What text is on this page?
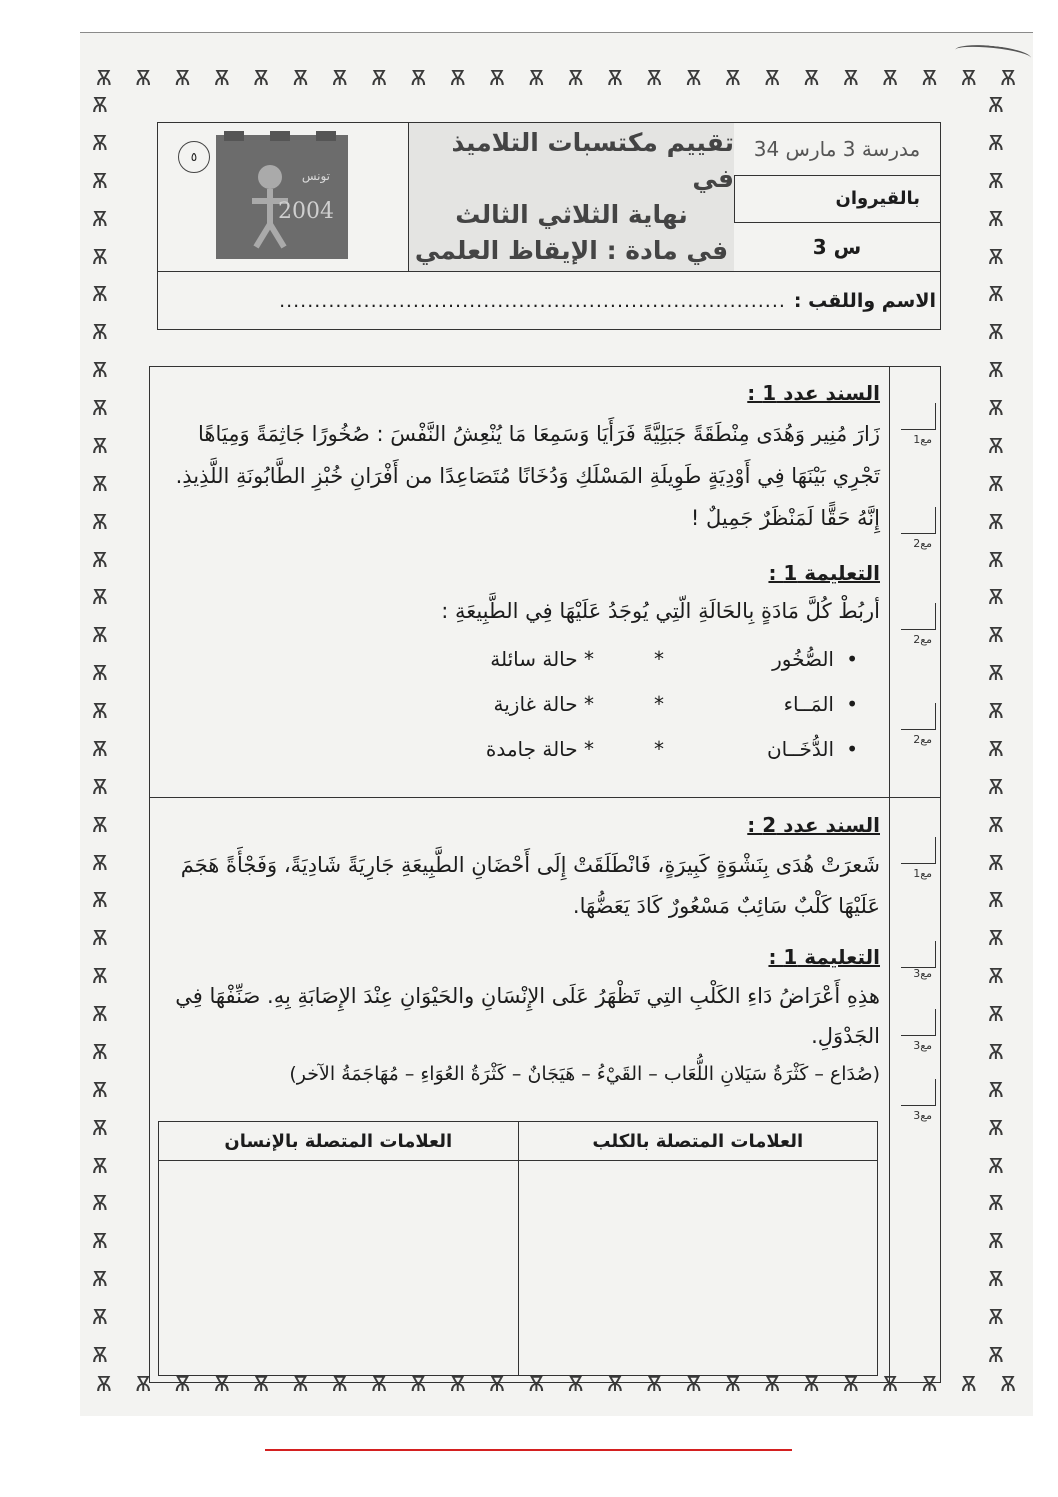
Ѫ Ѫ Ѫ Ѫ Ѫ Ѫ Ѫ Ѫ Ѫ Ѫ Ѫ Ѫ Ѫ Ѫ Ѫ Ѫ Ѫ Ѫ Ѫ Ѫ Ѫ Ѫ Ѫ Ѫ
Ѫ Ѫ Ѫ Ѫ Ѫ Ѫ Ѫ Ѫ Ѫ Ѫ Ѫ Ѫ Ѫ Ѫ Ѫ Ѫ Ѫ Ѫ Ѫ Ѫ Ѫ Ѫ Ѫ Ѫ
Ѫ
Ѫ
Ѫ
Ѫ
Ѫ
Ѫ
Ѫ
Ѫ
Ѫ
Ѫ
Ѫ
Ѫ
Ѫ
Ѫ
Ѫ
Ѫ
Ѫ
Ѫ
Ѫ
Ѫ
Ѫ
Ѫ
Ѫ
Ѫ
Ѫ
Ѫ
Ѫ
Ѫ
Ѫ
Ѫ
Ѫ
Ѫ
Ѫ
Ѫ
Ѫ
Ѫ
Ѫ
Ѫ
Ѫ
Ѫ
Ѫ
Ѫ
Ѫ
Ѫ
Ѫ
Ѫ
Ѫ
Ѫ
Ѫ
Ѫ
Ѫ
Ѫ
Ѫ
Ѫ
Ѫ
Ѫ
Ѫ
Ѫ
Ѫ
Ѫ
Ѫ
Ѫ
Ѫ
Ѫ
Ѫ
Ѫ
Ѫ
Ѫ
مدرسة 3 مارس 34
بالقيروان
س 3
تقييم مكتسبات التلاميذ في
نهاية الثلاثي الثالث
في مادة : الإيقاظ العلمي
٥
تونس
2004
الاسم واللقب :
........................................................................
السند عدد 1 :
زَارَ مُنِير وَهُدَى مِنْطَقَةً جَبَلِيَّةً فَرَأَيَا وَسَمِعَا مَا يُنْعِشُ النَّفْسَ : صُخُورًا جَاثِمَةً وَمِيَاهًا تَجْرِي بَيْنَهَا فِي أَوْدِيَةٍ طَوِيلَةِ المَسْلَكِ وَدُخَانًا مُتَصَاعِدًا من أَفْرَانِ خُبْزِ الطَّابُونَةِ اللَّذِيذِ. إِنَّهُ حَقًّا لَمَنْظَرٌ جَمِيلٌ !
التعليمة 1 :
أربُطْ كُلَّ مَادَةٍ بِالحَالَةِ الّتِي يُوجَدُ عَلَيْهَا فِي الطَّبِيعَةِ :
•
الصُّخُور
*
* حالة سائلة
•
المَــاء
*
* حالة غازية
•
الدُّخَــان
*
* حالة جامدة
السند عدد 2 :
شَعرَتْ هُدَى بِنَشْوَةٍ كَبِيرَةٍ، فَانْطَلَقَتْ إِلَى أَحْضَانِ الطَّبِيعَةِ جَارِيَةً شَادِيَةً، وَفَجْأَةً هَجَمَ عَلَيْهَا كَلْبٌ سَائِبٌ مَسْعُورٌ كَادَ يَعَضُّهَا.
التعليمة 1 :
هذِهِ أَعْرَاضُ دَاءِ الكَلْبِ التِي تَظْهَرُ عَلَى الإِنْسَانِ والحَيْوَانِ عِنْدَ الإِصَابَةِ بِهِ. صَنِّفْهَا فِي الجَدْوَلِ.
(صُدَاع – كَثْرَةُ سَيَلانِ اللُّعَاب – القَيْءُ – هَيَجَانٌ – كَثْرَةُ العُوَاءِ – مُهَاجَمَةُ الآخر)
العلامات المتصلة بالكلب
العلامات المتصلة بالإنسان
مع1
مع2
مع2
مع2
مع1
مع3
مع3
مع3
